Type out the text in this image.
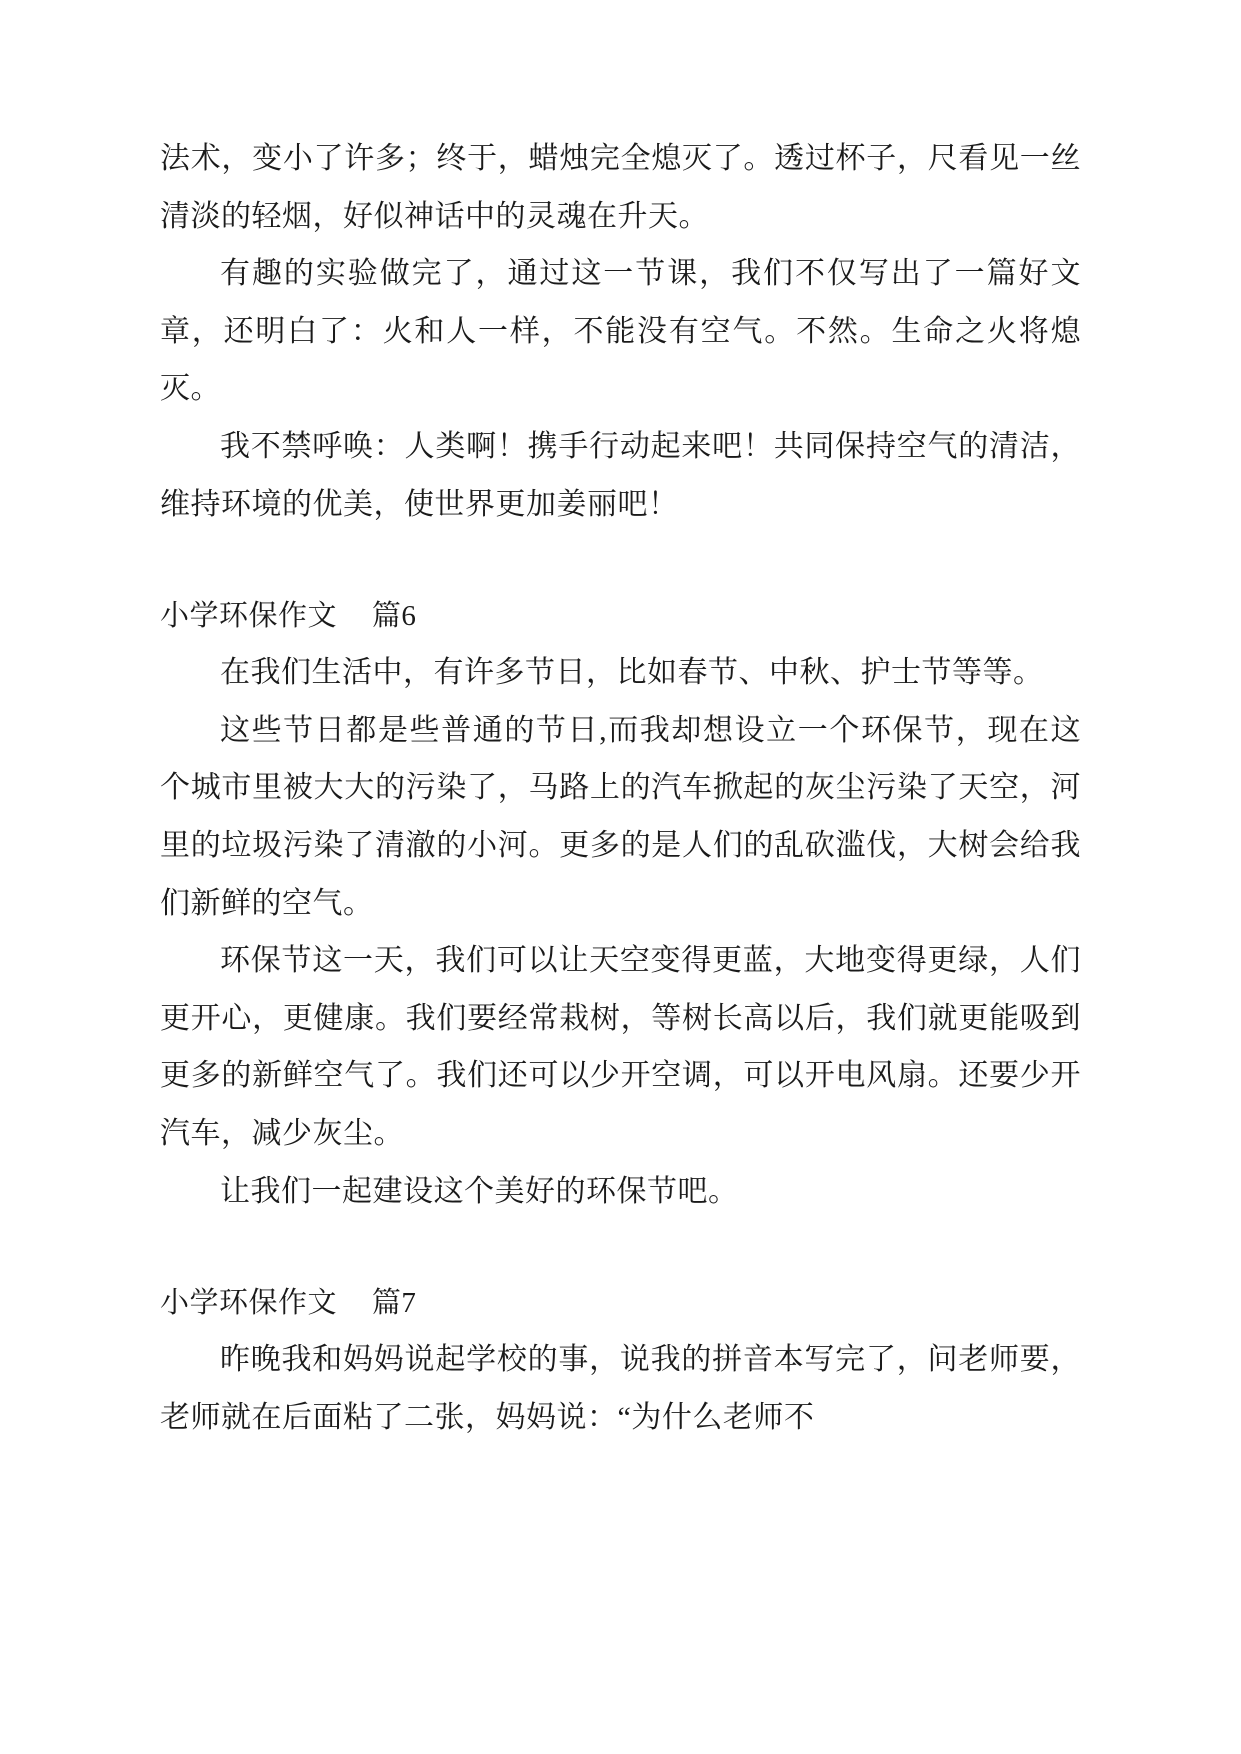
法术，变小了许多；终于，蜡烛完全熄灭了。透过杯子，尺看见一丝清淡的轻烟，好似神话中的灵魂在升天。

有趣的实验做完了，通过这一节课，我们不仅写出了一篇好文章，还明白了：火和人一样，不能没有空气。不然。生命之火将熄灭。

我不禁呼唤：人类啊！携手行动起来吧！共同保持空气的清洁，维持环境的优美，使世界更加姜丽吧！

小学环保作文 篇6

在我们生活中，有许多节日，比如春节、中秋、护士节等等。

这些节日都是些普通的节日,而我却想设立一个环保节，现在这个城市里被大大的污染了，马路上的汽车掀起的灰尘污染了天空，河里的垃圾污染了清澈的小河。更多的是人们的乱砍滥伐，大树会给我们新鲜的空气。

环保节这一天，我们可以让天空变得更蓝，大地变得更绿，人们更开心，更健康。我们要经常栽树，等树长高以后，我们就更能吸到更多的新鲜空气了。我们还可以少开空调，可以开电风扇。还要少开汽车，减少灰尘。

让我们一起建设这个美好的环保节吧。

小学环保作文 篇7

昨晚我和妈妈说起学校的事，说我的拼音本写完了，问老师要，老师就在后面粘了二张，妈妈说：“为什么老师不
